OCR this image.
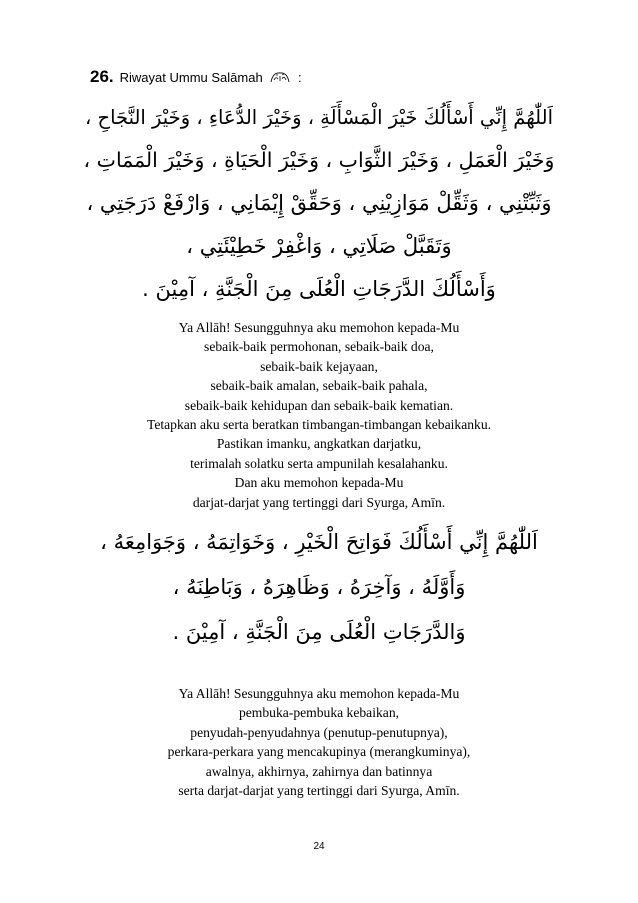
26. Riwayat Ummu Salāmah	:
اَللّٰهُمَّ إِنِّي أَسْأَلُكَ خَيْرَ الْمَسْأَلَةِ ، وَخَيْرَ الدُّعَاءِ ، وَخَيْرَ النَّجَاحِ ،
وَخَيْرَ الْعَمَلِ ، وَخَيْرَ الثَّوَابِ ، وَخَيْرَ الْحَيَاةِ ، وَخَيْرَ الْمَمَاتِ ،
وَثَبِّتْنِي ، وَثَقِّلْ مَوَازِيْنِي ، وَحَقِّقْ إِيْمَانِي ، وَارْفَعْ دَرَجَتِي ،
وَتَقَبَّلْ صَلَاتِي ، وَاغْفِرْ خَطِيْئَتِي ،
وَأَسْأَلُكَ الدَّرَجَاتِ الْعُلَى مِنَ الْجَنَّةِ ، آمِيْنَ .
Ya Allāh! Sesungguhnya aku memohon kepada-Mu
sebaik-baik permohonan, sebaik-baik doa,
sebaik-baik kejayaan,
sebaik-baik amalan, sebaik-baik pahala,
sebaik-baik kehidupan dan sebaik-baik kematian.
Tetapkan aku serta beratkan timbangan-timbangan kebaikanku.
Pastikan imanku, angkatkan darjatku,
terimalah solatku serta ampunilah kesalahanku.
Dan aku memohon kepada-Mu
darjat-darjat yang tertinggi dari Syurga, Amīn.
اَللّٰهُمَّ إِنِّي أَسْأَلُكَ فَوَاتِحَ الْخَيْرِ ، وَخَوَاتِمَهُ ، وَجَوَامِعَهُ ،
وَأَوَّلَهُ ، وَآخِرَهُ ، وَظَاهِرَهُ ، وَبَاطِنَهُ ،
وَالدَّرَجَاتِ الْعُلَى مِنَ الْجَنَّةِ ، آمِيْنَ .
Ya Allāh! Sesungguhnya aku memohon kepada-Mu
pembuka-pembuka kebaikan,
penyudah-penyudahnya (penutup-penutupnya),
perkara-perkara yang mencakupinya (merangkuminya),
awalnya, akhirnya, zahirnya dan batinnya
serta darjat-darjat yang tertinggi dari Syurga, Amīn.
24
